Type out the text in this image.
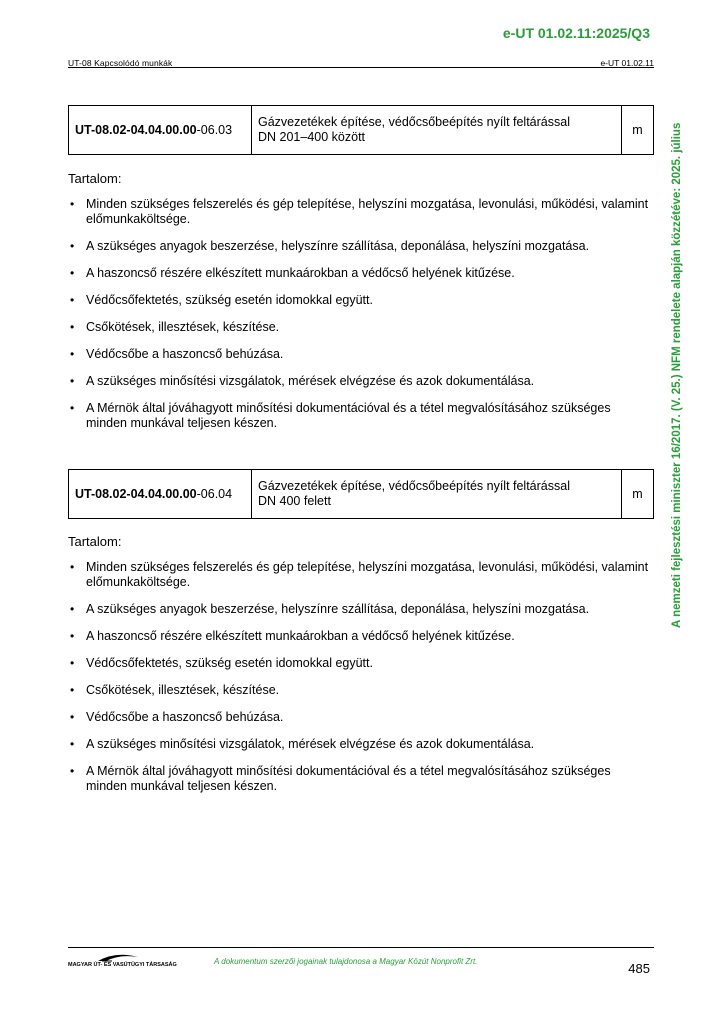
e-UT 01.02.11:2025/Q3
UT-08 Kapcsolódó munkák	e-UT 01.02.11
A nemzeti fejlesztési miniszter 16/2017. (V. 25.) NFM rendelete alapján közzétéve: 2025. július
UT-08.02-04.04.00.00-06.03	
Gázvezetékek építése, védőcsőbeépítés nyílt feltárással
DN 201–400 között	m
Tartalom:
• Minden szükséges felszerelés és gép telepítése, helyszíni mozgatása, levonulási, működési, valamint előmunkaköltsége.
• A szükséges anyagok beszerzése, helyszínre szállítása, deponálása, helyszíni mozgatása.
• A haszoncső részére elkészített munkaárokban a védőcső helyének kitűzése.
• Védőcsőfektetés, szükség esetén idomokkal együtt.
• Csőkötések, illesztések, készítése.
• Védőcsőbe a haszoncső behúzása.
• A szükséges minősítési vizsgálatok, mérések elvégzése és azok dokumentálása.
• A Mérnök által jóváhagyott minősítési dokumentációval és a tétel megvalósításához szükséges minden munkával teljesen készen.
UT-08.02-04.04.00.00-06.04	
Gázvezetékek építése, védőcsőbeépítés nyílt feltárással
DN 400 felett	m
Tartalom:
• Minden szükséges felszerelés és gép telepítése, helyszíni mozgatása, levonulási, működési, valamint előmunkaköltsége.
• A szükséges anyagok beszerzése, helyszínre szállítása, deponálása, helyszíni mozgatása.
• A haszoncső részére elkészített munkaárokban a védőcső helyének kitűzése.
• Védőcsőfektetés, szükség esetén idomokkal együtt.
• Csőkötések, illesztések, készítése.
• Védőcsőbe a haszoncső behúzása.
• A szükséges minősítési vizsgálatok, mérések elvégzése és azok dokumentálása.
• A Mérnök által jóváhagyott minősítési dokumentációval és a tétel megvalósításához szükséges minden munkával teljesen készen.
MAGYAR ÚT- ÉS VASÚTÜGYI TÁRSASÁG	A dokumentum szerzői jogainak tulajdonosa a Magyar Közút Nonprofit Zrt.	485
